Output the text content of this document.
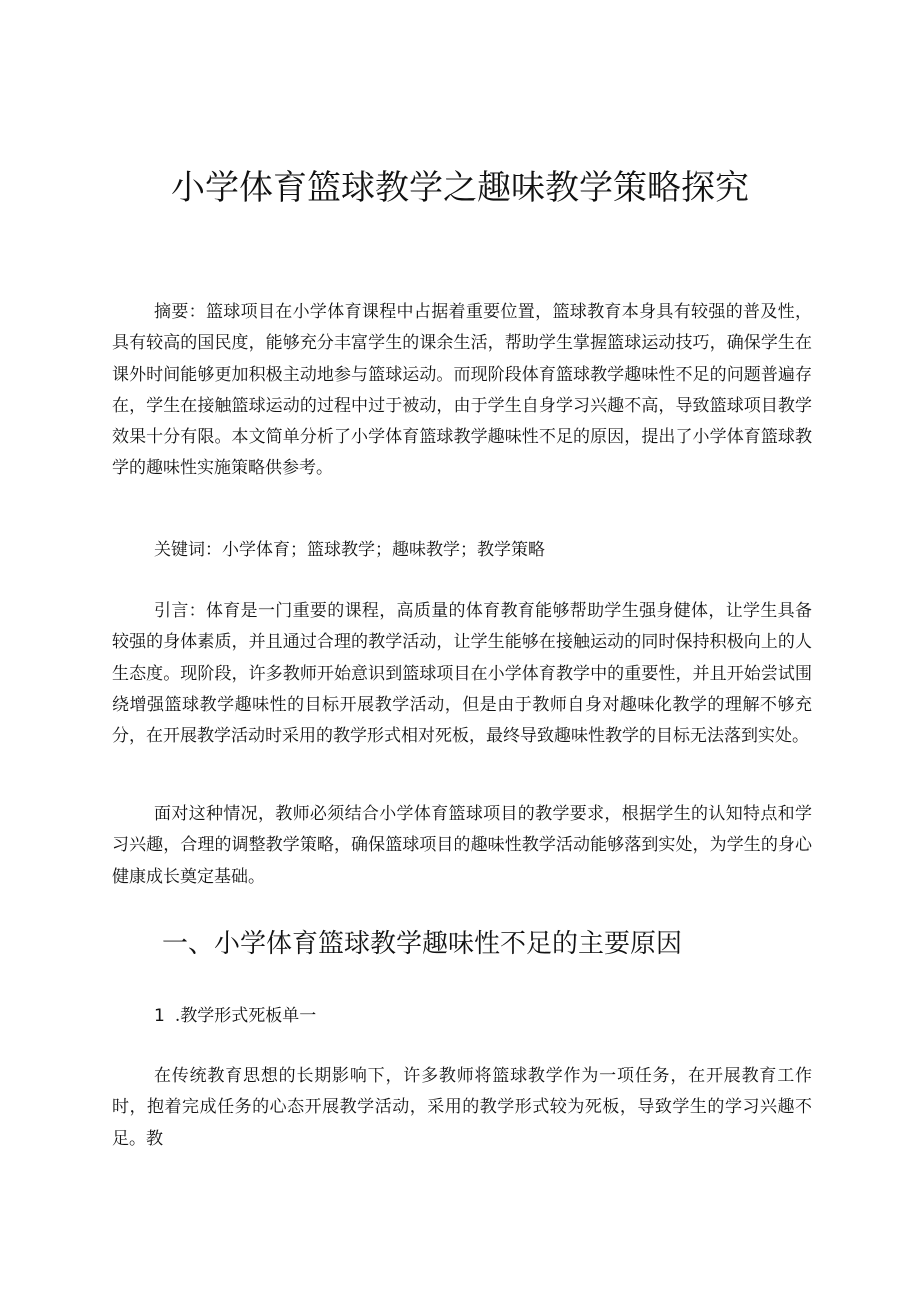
小学体育篮球教学之趣味教学策略探究

摘要：篮球项目在小学体育课程中占据着重要位置，篮球教育本身具有较强的普及性，具有较高的国民度，能够充分丰富学生的课余生活，帮助学生掌握篮球运动技巧，确保学生在课外时间能够更加积极主动地参与篮球运动。而现阶段体育篮球教学趣味性不足的问题普遍存在，学生在接触篮球运动的过程中过于被动，由于学生自身学习兴趣不高，导致篮球项目教学效果十分有限。本文简单分析了小学体育篮球教学趣味性不足的原因，提出了小学体育篮球教学的趣味性实施策略供参考。

关键词：小学体育；篮球教学；趣味教学；教学策略

引言：体育是一门重要的课程，高质量的体育教育能够帮助学生强身健体，让学生具备较强的身体素质，并且通过合理的教学活动，让学生能够在接触运动的同时保持积极向上的人生态度。现阶段，许多教师开始意识到篮球项目在小学体育教学中的重要性，并且开始尝试围绕增强篮球教学趣味性的目标开展教学活动，但是由于教师自身对趣味化教学的理解不够充分，在开展教学活动时采用的教学形式相对死板，最终导致趣味性教学的目标无法落到实处。

面对这种情况，教师必须结合小学体育篮球项目的教学要求，根据学生的认知特点和学习兴趣，合理的调整教学策略，确保篮球项目的趣味性教学活动能够落到实处，为学生的身心健康成长奠定基础。

一、小学体育篮球教学趣味性不足的主要原因
1 .教学形式死板单一

在传统教育思想的长期影响下，许多教师将篮球教学作为一项任务，在开展教育工作时，抱着完成任务的心态开展教学活动，采用的教学形式较为死板，导致学生的学习兴趣不足。教
